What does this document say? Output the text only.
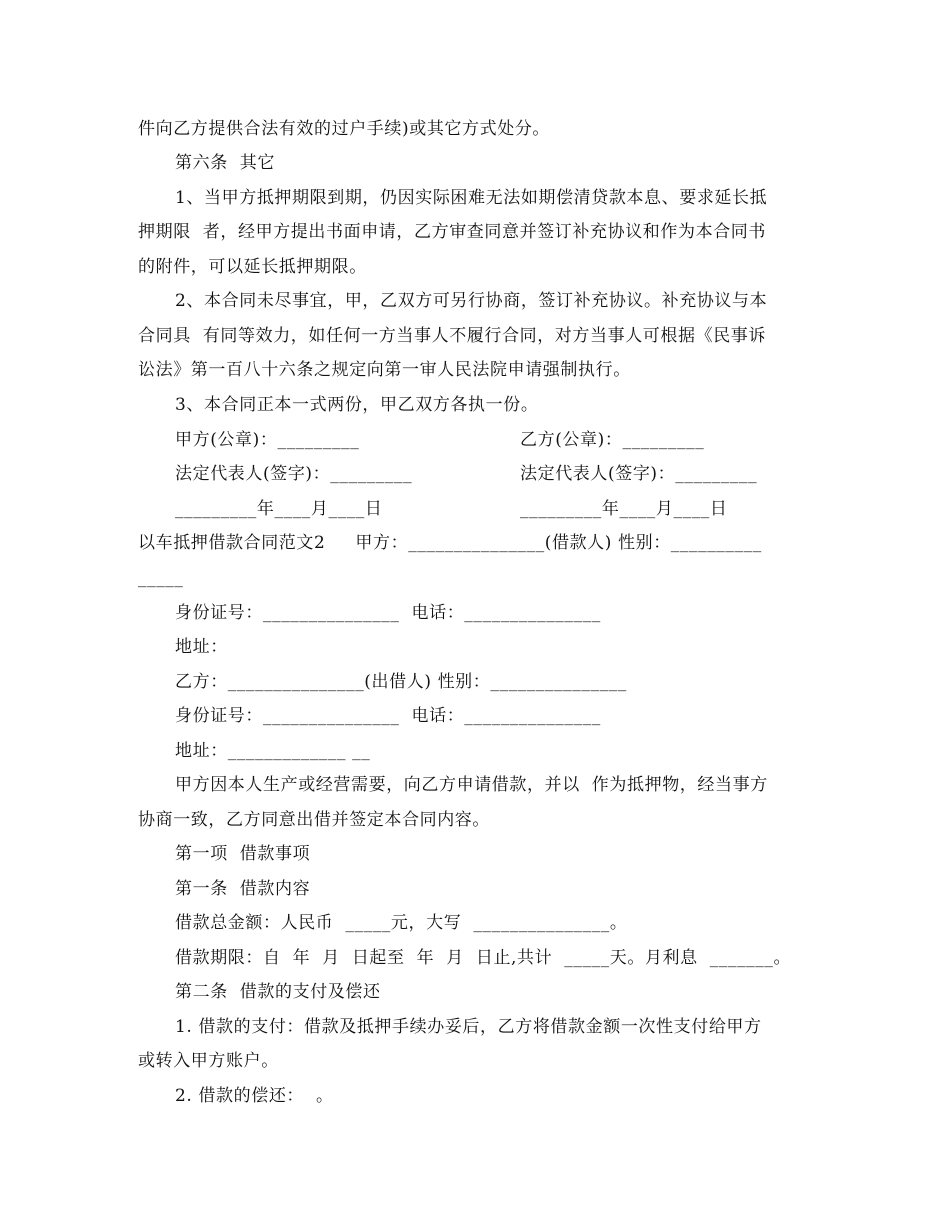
件向乙方提供合法有效的过户手续)或其它方式处分。
第六条  其它
1、当甲方抵押期限到期，仍因实际困难无法如期偿清贷款本息、要求延长抵
押期限  者，经甲方提出书面申请，乙方审查同意并签订补充协议和作为本合同书
的附件，可以延长抵押期限。
2、本合同未尽事宜，甲，乙双方可另行协商，签订补充协议。补充协议与本
合同具  有同等效力，如任何一方当事人不履行合同，对方当事人可根据《民事诉
讼法》第一百八十六条之规定向第一审人民法院申请强制执行。
3、本合同正本一式两份，甲乙双方各执一份。
甲方(公章)：_________	乙方(公章)：_________
法定代表人(签字)：_________	法定代表人(签字)：_________
_________年____月____日	_________年____月____日
以车抵押借款合同范文2     甲方：_______________(借款人) 性别：__________
_____
身份证号：_______________  电话：_______________
地址：
乙方：_______________(出借人) 性别：_______________
身份证号：_______________  电话：_______________
地址：_____________ __
甲方因本人生产或经营需要，向乙方申请借款，并以  作为抵押物，经当事方
协商一致，乙方同意出借并签定本合同内容。
第一项  借款事项
第一条  借款内容
借款总金额：人民币  _____元，大写  _______________。
借款期限：自  年  月  日起至  年  月  日止,共计  _____天。月利息  _______。
第二条  借款的支付及偿还
1. 借款的支付：借款及抵押手续办妥后，乙方将借款金额一次性支付给甲方
或转入甲方账户。
2. 借款的偿还：  。
